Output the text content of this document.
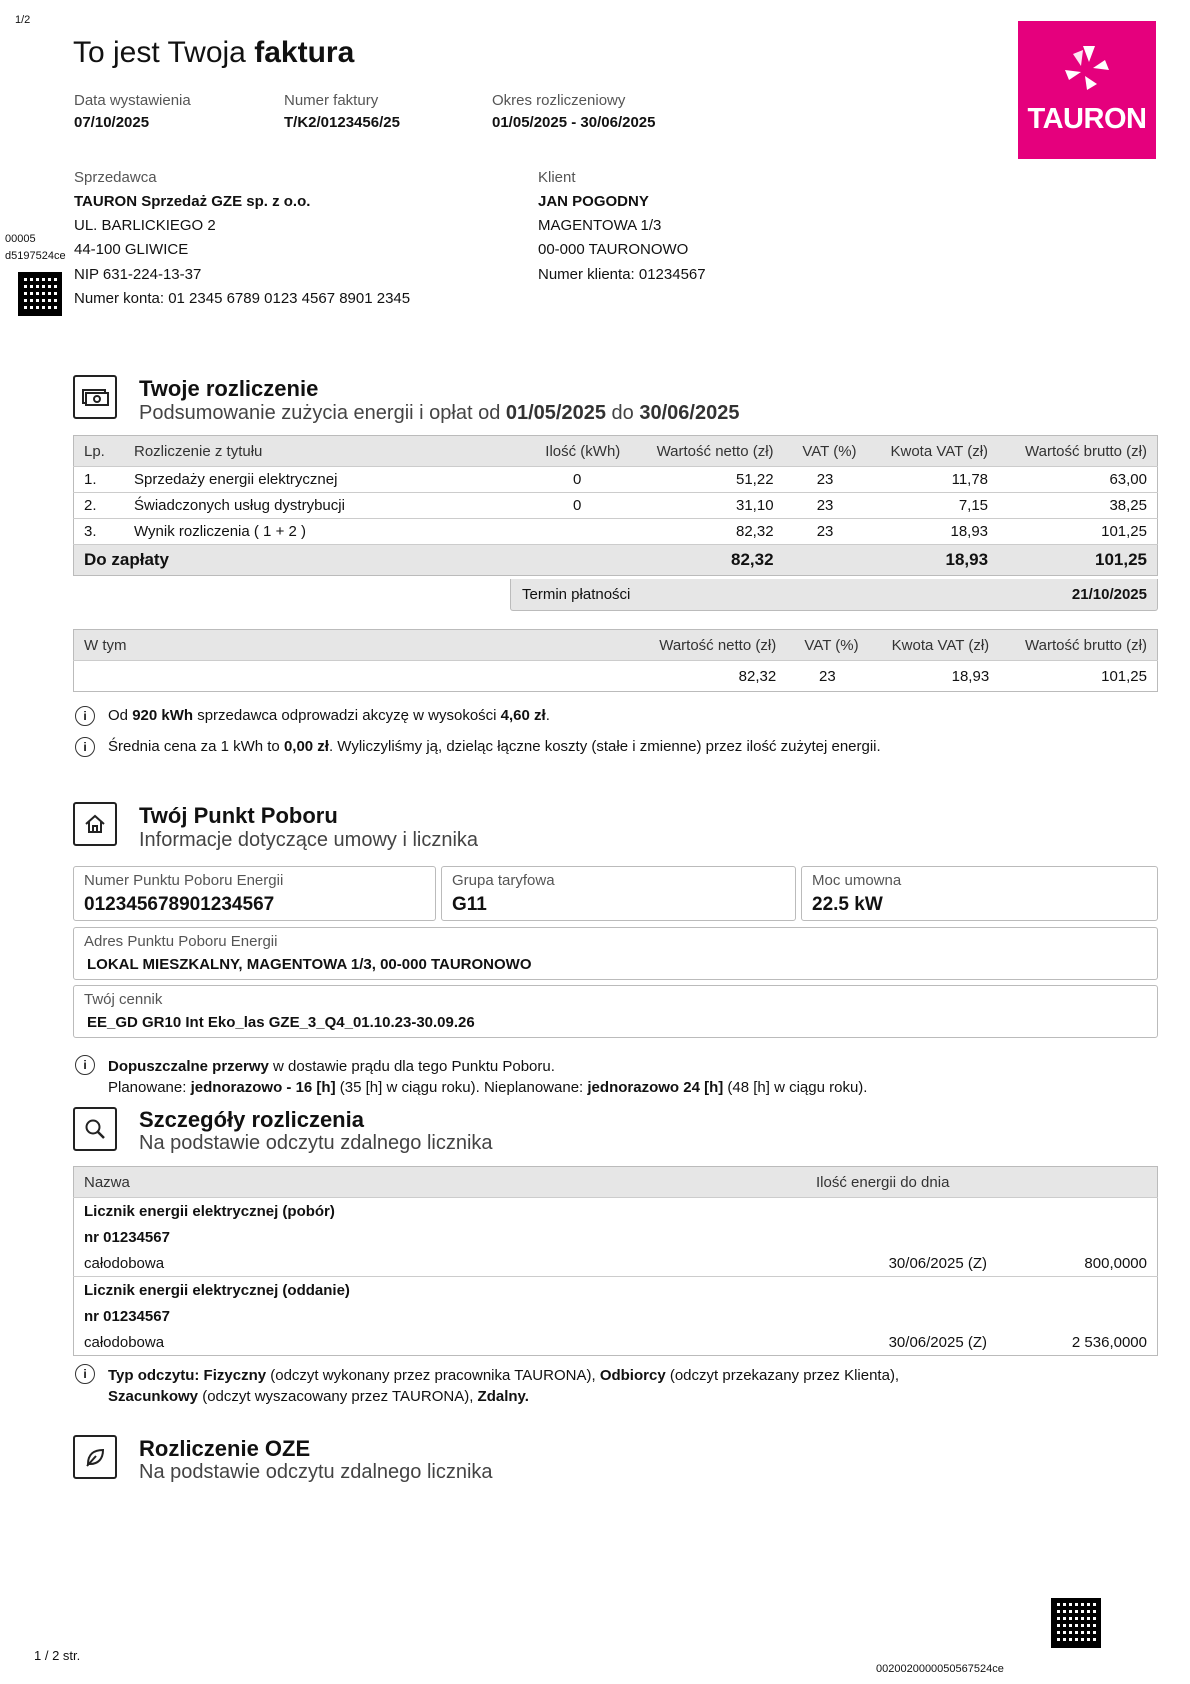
1/2
To jest Twoja faktura
Data wystawienia
07/10/2025
Numer faktury
T/K2/0123456/25
Okres rozliczeniowy
01/05/2025 - 30/06/2025	TAURON
00005
d5197524ce
Sprzedawca
TAURON Sprzedaż GZE sp. z o.o.
UL. BARLICKIEGO 2
44-100 GLIWICE
NIP 631-224-13-37
Numer konta: 01 2345 6789 0123 4567 8901 2345
Klient
JAN POGODNY
MAGENTOWA 1/3
00-000 TAURONOWO
Numer klienta: 01234567
Twoje rozliczenie
Podsumowanie zużycia energii i opłat od 01/05/2025 do 30/06/2025
Lp.	Rozliczenie z tytułu	Ilość (kWh)	Wartość netto (zł)	VAT (%)	Kwota VAT (zł)	Wartość brutto (zł)
1.	Sprzedaży energii elektrycznej	0	51,22	23	11,78	63,00
2.	Świadczonych usług dystrybucji	0	31,10	23	7,15	38,25
3.	Wynik rozliczenia ( 1 + 2 )		82,32	23	18,93	101,25
Do zapłaty			82,32		18,93	101,25
Termin płatności	21/10/2025
W tym	Wartość netto (zł)	VAT (%)	Kwota VAT (zł)	Wartość brutto (zł)
	82,32	23	18,93	101,25
i	Od 920 kWh sprzedawca odprowadzi akcyzę w wysokości 4,60 zł.
i	Średnia cena za 1 kWh to 0,00 zł. Wyliczyliśmy ją, dzieląc łączne koszty (stałe i zmienne) przez ilość zużytej energii.
Twój Punkt Poboru
Informacje dotyczące umowy i licznika
Numer Punktu Poboru Energii
012345678901234567
Grupa taryfowa
G11
Moc umowna
22.5 kW
Adres Punktu Poboru Energii
LOKAL MIESZKALNY, MAGENTOWA 1/3, 00-000 TAURONOWO
Twój cennik
EE_GD GR10 Int Eko_las GZE_3_Q4_01.10.23-30.09.26
i	Dopuszczalne przerwy w dostawie prądu dla tego Punktu Poboru.
Planowane: jednorazowo - 16 [h] (35 [h] w ciągu roku). Nieplanowane: jednorazowo 24 [h] (48 [h] w ciągu roku).
Szczegóły rozliczenia
Na podstawie odczytu zdalnego licznika
Nazwa	Ilość energii do dnia	
Licznik energii elektrycznej (pobór)		
nr 01234567		
całodobowa	30/06/2025 (Z)	800,0000
Licznik energii elektrycznej (oddanie)		
nr 01234567		
całodobowa	30/06/2025 (Z)	2 536,0000
i	Typ odczytu: Fizyczny (odczyt wykonany przez pracownika TAURONA), Odbiorcy (odczyt przekazany przez Klienta),
Szacunkowy (odczyt wyszacowany przez TAURONA), Zdalny.
Rozliczenie OZE
Na podstawie odczytu zdalnego licznika
1 / 2 str.
0020020000050567524ce
